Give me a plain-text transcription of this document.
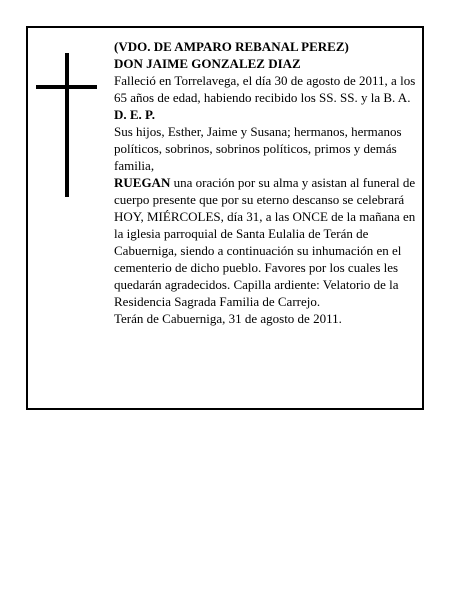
(VDO. DE AMPARO REBANAL PEREZ)

DON JAIME GONZALEZ DIAZ

Falleció en Torrelavega, el día 30 de agosto de 2011, a los 65 años de edad, habiendo recibido los SS. SS. y la B. A.

D. E. P.

Sus hijos, Esther, Jaime y Susana; hermanos, hermanos políticos, sobrinos, sobrinos políticos, primos y demás familia,

RUEGAN una oración por su alma y asistan al funeral de cuerpo presente que por su eterno descanso se celebrará HOY, MIÉRCOLES, día 31, a las ONCE de la mañana en la iglesia parroquial de Santa Eulalia de Terán de Cabuerniga, siendo a continuación su inhumación en el cementerio de dicho pueblo. Favores por los cuales les quedarán agradecidos. Capilla ardiente: Velatorio de la Residencia Sagrada Familia de Carrejo.

Terán de Cabuerniga, 31 de agosto de 2011.
